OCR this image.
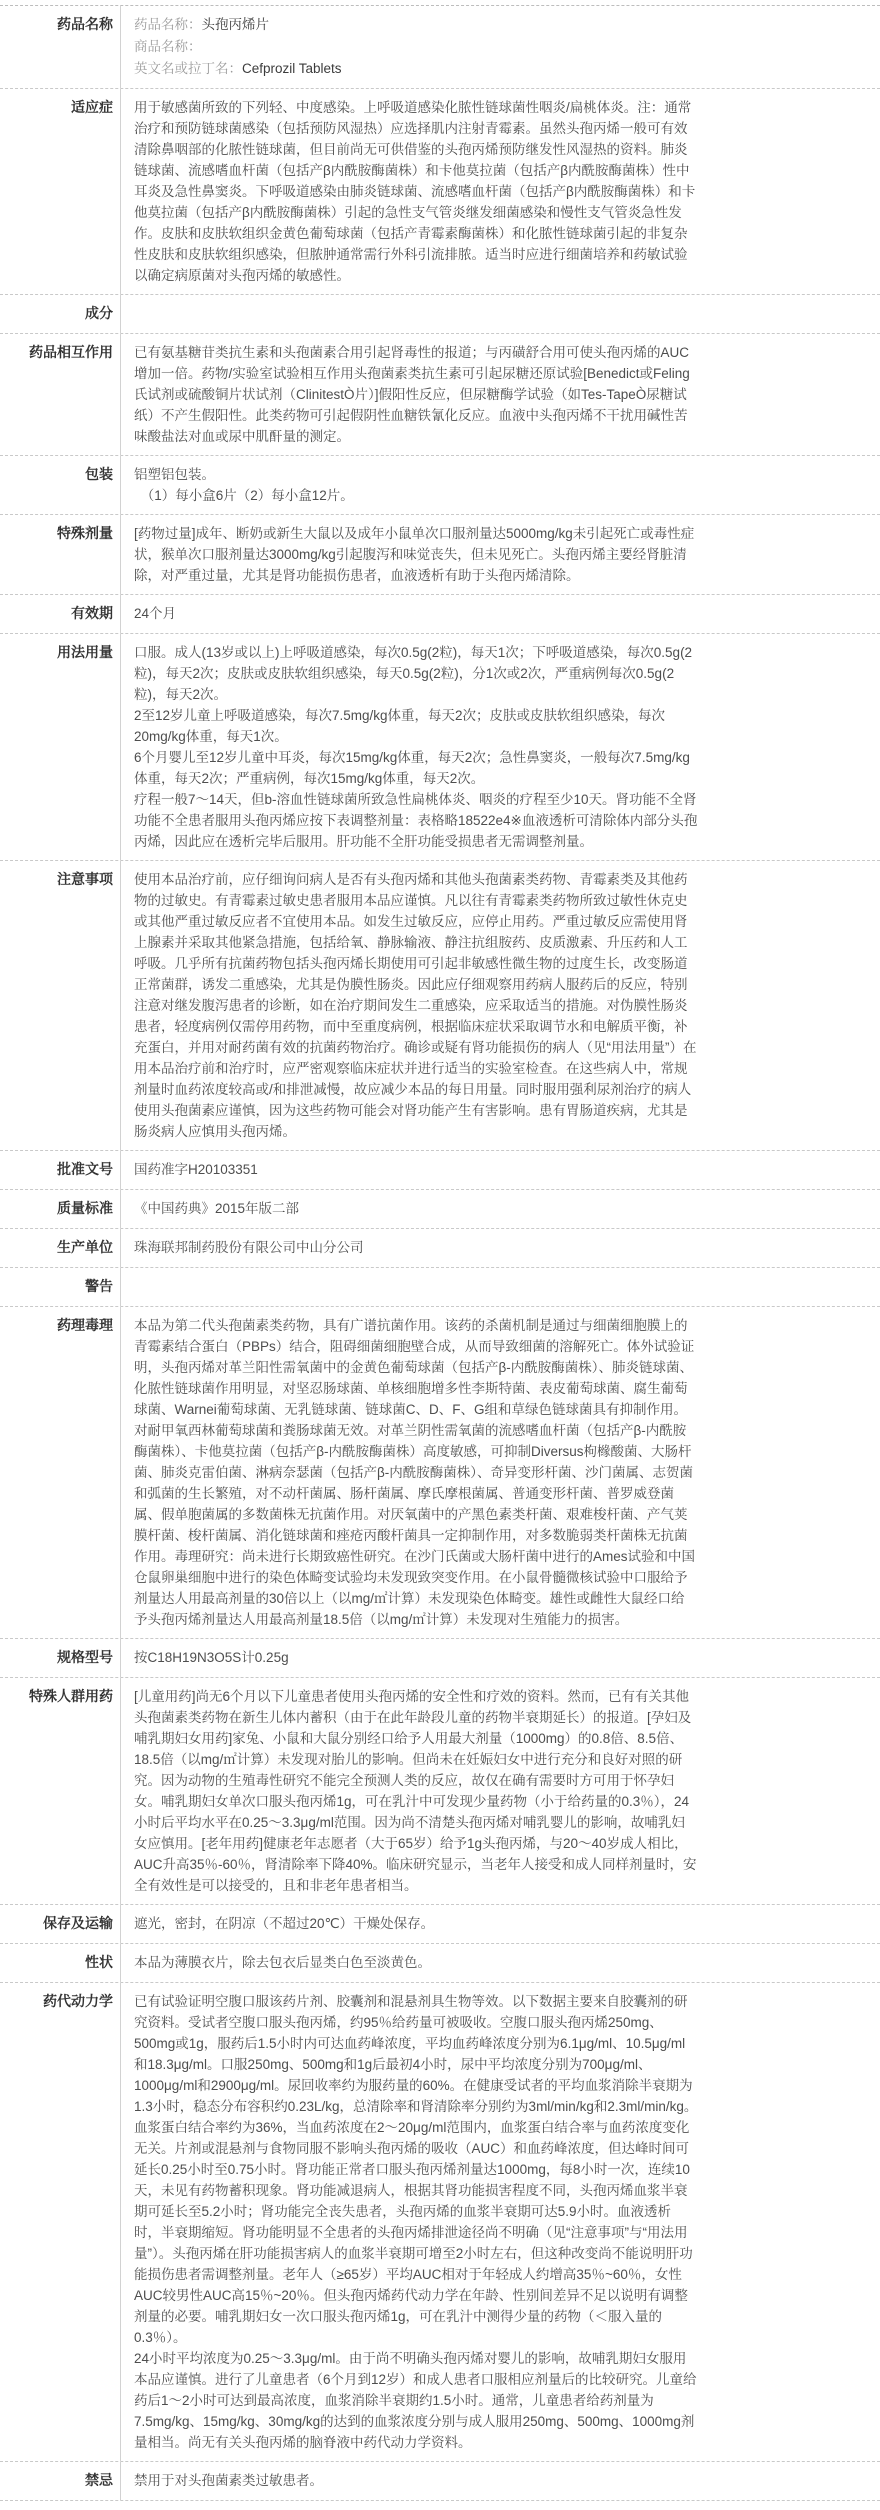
药品名称	药品名称：头孢丙烯片
商品名称：
英文名或拉丁名：Cefprozil Tablets
适应症	用于敏感菌所致的下列轻、中度感染。上呼吸道感染化脓性链球菌性咽炎/扁桃体炎。注：通常治疗和预防链球菌感染（包括预防风湿热）应选择肌内注射青霉素。虽然头孢丙烯一般可有效清除鼻咽部的化脓性链球菌，但目前尚无可供借鉴的头孢丙烯预防继发性风湿热的资料。肺炎链球菌、流感嗜血杆菌（包括产β内酰胺酶菌株）和卡他莫拉菌（包括产β内酰胺酶菌株）性中耳炎及急性鼻窦炎。下呼吸道感染由肺炎链球菌、流感嗜血杆菌（包括产β内酰胺酶菌株）和卡他莫拉菌（包括产β内酰胺酶菌株）引起的急性支气管炎继发细菌感染和慢性支气管炎急性发作。皮肤和皮肤软组织金黄色葡萄球菌（包括产青霉素酶菌株）和化脓性链球菌引起的非复杂性皮肤和皮肤软组织感染，但脓肿通常需行外科引流排脓。适当时应进行细菌培养和药敏试验以确定病原菌对头孢丙烯的敏感性。

成分
药品相互作用	已有氨基糖苷类抗生素和头孢菌素合用引起肾毒性的报道；与丙磺舒合用可使头孢丙烯的AUC增加一倍。药物/实验室试验相互作用头孢菌素类抗生素可引起尿糖还原试验[Benedict或Feling氏试剂或硫酸铜片状试剂（ClinitestÒ片）]假阳性反应，但尿糖酶学试验（如Tes-TapeÒ尿糖试纸）不产生假阳性。此类药物可引起假阴性血糖铁氰化反应。血液中头孢丙烯不干扰用碱性苦味酸盐法对血或尿中肌酐量的测定。

包装	铝塑铝包装。

　（1）每小盒6片（2）每小盒12片。

特殊剂量	[药物过量]成年、断奶或新生大鼠以及成年小鼠单次口服剂量达5000mg/kg未引起死亡或毒性症状，猴单次口服剂量达3000mg/kg引起腹泻和味觉丧失，但未见死亡。头孢丙烯主要经肾脏清除，对严重过量，尤其是肾功能损伤患者，血液透析有助于头孢丙烯清除。

有效期	24个月

用法用量	口服。成人(13岁或以上)上呼吸道感染，每次0.5g(2粒)，每天1次；下呼吸道感染，每次0.5g(2粒)，每天2次；皮肤或皮肤软组织感染，每天0.5g(2粒)，分1次或2次，严重病例每次0.5g(2粒)，每天2次。

2至12岁儿童上呼吸道感染，每次7.5mg/kg体重，每天2次；皮肤或皮肤软组织感染，每次20mg/kg体重，每天1次。

6个月婴儿至12岁儿童中耳炎，每次15mg/kg体重，每天2次；急性鼻窦炎，一般每次7.5mg/kg体重，每天2次；严重病例，每次15mg/kg体重，每天2次。

疗程一般7～14天，但b-溶血性链球菌所致急性扁桃体炎、咽炎的疗程至少10天。肾功能不全肾功能不全患者服用头孢丙烯应按下表调整剂量：表格略18522e4※血液透析可清除体内部分头孢丙烯，因此应在透析完毕后服用。肝功能不全肝功能受损患者无需调整剂量。

注意事项	使用本品治疗前，应仔细询问病人是否有头孢丙烯和其他头孢菌素类药物、青霉素类及其他药物的过敏史。有青霉素过敏史患者服用本品应谨慎。凡以往有青霉素类药物所致过敏性休克史或其他严重过敏反应者不宜使用本品。如发生过敏反应，应停止用药。严重过敏反应需使用肾上腺素并采取其他紧急措施，包括给氧、静脉输液、静注抗组胺药、皮质激素、升压药和人工呼吸。几乎所有抗菌药物包括头孢丙烯长期使用可引起非敏感性微生物的过度生长，改变肠道正常菌群，诱发二重感染，尤其是伪膜性肠炎。因此应仔细观察用药病人服药后的反应，特别注意对继发腹泻患者的诊断，如在治疗期间发生二重感染，应采取适当的措施。对伪膜性肠炎患者，轻度病例仅需停用药物，而中至重度病例，根据临床症状采取调节水和电解质平衡，补充蛋白，并用对耐药菌有效的抗菌药物治疗。确诊或疑有肾功能损伤的病人（见“用法用量”）在用本品治疗前和治疗时，应严密观察临床症状并进行适当的实验室检查。在这些病人中，常规剂量时血药浓度较高或/和排泄减慢，故应减少本品的每日用量。同时服用强利尿剂治疗的病人使用头孢菌素应谨慎，因为这些药物可能会对肾功能产生有害影响。患有胃肠道疾病，尤其是肠炎病人应慎用头孢丙烯。

批准文号	国药准字H20103351

质量标准	《中国药典》2015年版二部

生产单位	珠海联邦制药股份有限公司中山分公司

警告
药理毒理	本品为第二代头孢菌素类药物，具有广谱抗菌作用。该药的杀菌机制是通过与细菌细胞膜上的青霉素结合蛋白（PBPs）结合，阻碍细菌细胞壁合成，从而导致细菌的溶解死亡。体外试验证明，头孢丙烯对革兰阳性需氧菌中的金黄色葡萄球菌（包括产β-内酰胺酶菌株）、肺炎链球菌、化脓性链球菌作用明显，对坚忍肠球菌、单核细胞增多性李斯特菌、表皮葡萄球菌、腐生葡萄球菌、Warnei葡萄球菌、无乳链球菌、链球菌C、D、F、G组和草绿色链球菌具有抑制作用。对耐甲氧西林葡萄球菌和粪肠球菌无效。对革兰阴性需氧菌的流感嗜血杆菌（包括产β-内酰胺酶菌株）、卡他莫拉菌（包括产β-内酰胺酶菌株）高度敏感，可抑制Diversus枸橼酸菌、大肠杆菌、肺炎克雷伯菌、淋病奈瑟菌（包括产β-内酰胺酶菌株）、奇异变形杆菌、沙门菌属、志贺菌和弧菌的生长繁殖，对不动杆菌属、肠杆菌属、摩氏摩根菌属、普通变形杆菌、普罗威登菌属、假单胞菌属的多数菌株无抗菌作用。对厌氧菌中的产黑色素类杆菌、艰难梭杆菌、产气荚膜杆菌、梭杆菌属、消化链球菌和痤疮丙酸杆菌具一定抑制作用，对多数脆弱类杆菌株无抗菌作用。毒理研究：尚未进行长期致癌性研究。在沙门氏菌或大肠杆菌中进行的Ames试验和中国仓鼠卵巢细胞中进行的染色体畸变试验均未发现致突变作用。在小鼠骨髓微核试验中口服给予剂量达人用最高剂量的30倍以上（以mg/㎡计算）未发现染色体畸变。雄性或雌性大鼠经口给予头孢丙烯剂量达人用最高剂量18.5倍（以mg/㎡计算）未发现对生殖能力的损害。

规格型号	按C18H19N3O5S计0.25g

特殊人群用药	[儿童用药]尚无6个月以下儿童患者使用头孢丙烯的安全性和疗效的资料。然而，已有有关其他头孢菌素类药物在新生儿体内蓄积（由于在此年龄段儿童的药物半衰期延长）的报道。[孕妇及哺乳期妇女用药]家兔、小鼠和大鼠分别经口给予人用最大剂量（1000mg）的0.8倍、8.5倍、18.5倍（以mg/㎡计算）未发现对胎儿的影响。但尚未在妊娠妇女中进行充分和良好对照的研究。因为动物的生殖毒性研究不能完全预测人类的反应，故仅在确有需要时方可用于怀孕妇女。哺乳期妇女单次口服头孢丙烯1g，可在乳汁中可发现少量药物（小于给药量的0.3％），24小时后平均水平在0.25～3.3μg/ml范围。因为尚不清楚头孢丙烯对哺乳婴儿的影响，故哺乳妇女应慎用。[老年用药]健康老年志愿者（大于65岁）给予1g头孢丙烯，与20～40岁成人相比，AUC升高35％-60％，肾清除率下降40%。临床研究显示，当老年人接受和成人同样剂量时，安全有效性是可以接受的，且和非老年患者相当。

保存及运输	遮光，密封，在阴凉（不超过20℃）干燥处保存。

性状	本品为薄膜衣片，除去包衣后显类白色至淡黄色。

药代动力学	已有试验证明空腹口服该药片剂、胶囊剂和混悬剂具生物等效。以下数据主要来自胶囊剂的研究资料。受试者空腹口服头孢丙烯，约95％给药量可被吸收。空腹口服头孢丙烯250mg、500mg或1g，服药后1.5小时内可达血药峰浓度，平均血药峰浓度分别为6.1μg/ml、10.5μg/ml和18.3μg/ml。口服250mg、500mg和1g后最初4小时，尿中平均浓度分别为700μg/ml、1000μg/ml和2900μg/ml。尿回收率约为服药量的60%。在健康受试者的平均血浆消除半衰期为1.3小时，稳态分布容积约0.23L/kg，总清除率和肾清除率分别约为3ml/min/kg和2.3ml/min/kg。血浆蛋白结合率约为36%，当血药浓度在2～20μg/ml范围内，血浆蛋白结合率与血药浓度变化无关。片剂或混悬剂与食物同服不影响头孢丙烯的吸收（AUC）和血药峰浓度，但达峰时间可延长0.25小时至0.75小时。肾功能正常者口服头孢丙烯剂量达1000mg，每8小时一次，连续10天，未见有药物蓄积现象。肾功能减退病人，根据其肾功能损害程度不同，头孢丙烯血浆半衰期可延长至5.2小时；肾功能完全丧失患者，头孢丙烯的血浆半衰期可达5.9小时。血液透析时，半衰期缩短。肾功能明显不全患者的头孢丙烯排泄途径尚不明确（见“注意事项”与“用法用量”）。头孢丙烯在肝功能损害病人的血浆半衰期可增至2小时左右，但这种改变尚不能说明肝功能损伤患者需调整剂量。老年人（≥65岁）平均AUC相对于年轻成人约增高35％~60％，女性AUC较男性AUC高15％~20％。但头孢丙烯药代动力学在年龄、性别间差异不足以说明有调整剂量的必要。哺乳期妇女一次口服头孢丙烯1g，可在乳汁中测得少量的药物（＜服入量的0.3％）。

24小时平均浓度为0.25～3.3μg/ml。由于尚不明确头孢丙烯对婴儿的影响，故哺乳期妇女服用本品应谨慎。进行了儿童患者（6个月到12岁）和成人患者口服相应剂量后的比较研究。儿童给药后1～2小时可达到最高浓度，血浆消除半衰期约1.5小时。通常，儿童患者给药剂量为7.5mg/kg、15mg/kg、30mg/kg的达到的血浆浓度分别与成人服用250mg、500mg、1000mg剂量相当。尚无有关头孢丙烯的脑脊液中药代动力学资料。

禁忌	禁用于对头孢菌素类过敏患者。
